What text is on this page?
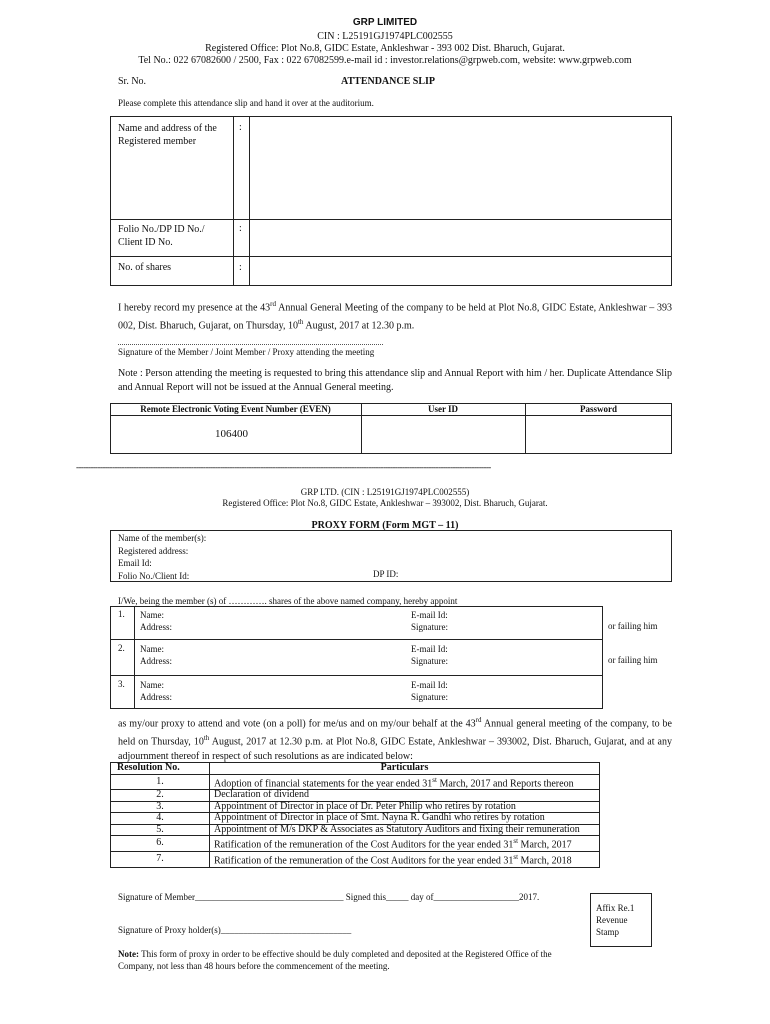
GRP LIMITED
CIN : L25191GJ1974PLC002555
Registered Office: Plot No.8, GIDC Estate, Ankleshwar - 393 002 Dist. Bharuch, Gujarat.
Tel No.: 022 67082600 / 2500, Fax : 022 67082599.e-mail id : investor.relations@grpweb.com, website: www.grpweb.com
Sr. No.	ATTENDANCE SLIP
Please complete this attendance slip and hand it over at the auditorium.
Name and address of the
Registered member
:
Folio No./DP ID No./
Client ID No.
:
No. of shares	:
I hereby record my presence at the 43rd Annual General Meeting of the company to be held at Plot No.8, GIDC Estate, Ankleshwar – 393 002, Dist. Bharuch, Gujarat, on Thursday, 10th August, 2017 at 12.30 p.m.
Signature of the Member / Joint Member / Proxy attending the meeting
Note : Person attending the meeting is requested to bring this attendance slip and Annual Report with him / her. Duplicate Attendance Slip and Annual Report will not be issued at the Annual General meeting.
Remote Electronic Voting Event Number (EVEN)	User ID	Password
106400
-----------------------------------------------------------------------------------------------------------------------------------------------------------------------------
GRP LTD. (CIN : L25191GJ1974PLC002555)
Registered Office: Plot No.8, GIDC Estate, Ankleshwar – 393002, Dist. Bharuch, Gujarat.
PROXY FORM (Form MGT – 11)
Name of the member(s):
Registered address:
Email Id:
Folio No./Client Id:	DP ID:
I/We, being the member (s) of …………. shares of the above named company, hereby appoint
1. Name:
Address:
E-mail Id:
Signature:	or failing him
2. Name:
Address:
E-mail Id:
Signature:	or failing him
3. Name:
Address:
E-mail Id:
Signature:
as my/our proxy to attend and vote (on a poll) for me/us and on my/our behalf at the 43rd Annual general meeting of the company, to be held on Thursday, 10th August, 2017 at 12.30 p.m. at Plot No.8, GIDC Estate, Ankleshwar – 393002, Dist. Bharuch, Gujarat, and at any adjournment thereof in respect of such resolutions as are indicated below:
Resolution No.	Particulars
1.	Adoption of financial statements for the year ended 31st March, 2017 and Reports thereon
2.	Declaration of dividend
3.	Appointment of Director in place of Dr. Peter Philip who retires by rotation
4.	Appointment of Director in place of Smt. Nayna R. Gandhi who retires by rotation
5.	Appointment of M/s DKP & Associates as Statutory Auditors and fixing their remuneration
6.	Ratification of the remuneration of the Cost Auditors for the year ended 31st March, 2017
7.	Ratification of the remuneration of the Cost Auditors for the year ended 31st March, 2018
Signature of Member_________________________________ Signed this_____ day of___________________2017.
Signature of Proxy holder(s)_____________________________
Affix Re.1
Revenue
Stamp
Note: This form of proxy in order to be effective should be duly completed and deposited at the Registered Office of the Company, not less than 48 hours before the commencement of the meeting.
